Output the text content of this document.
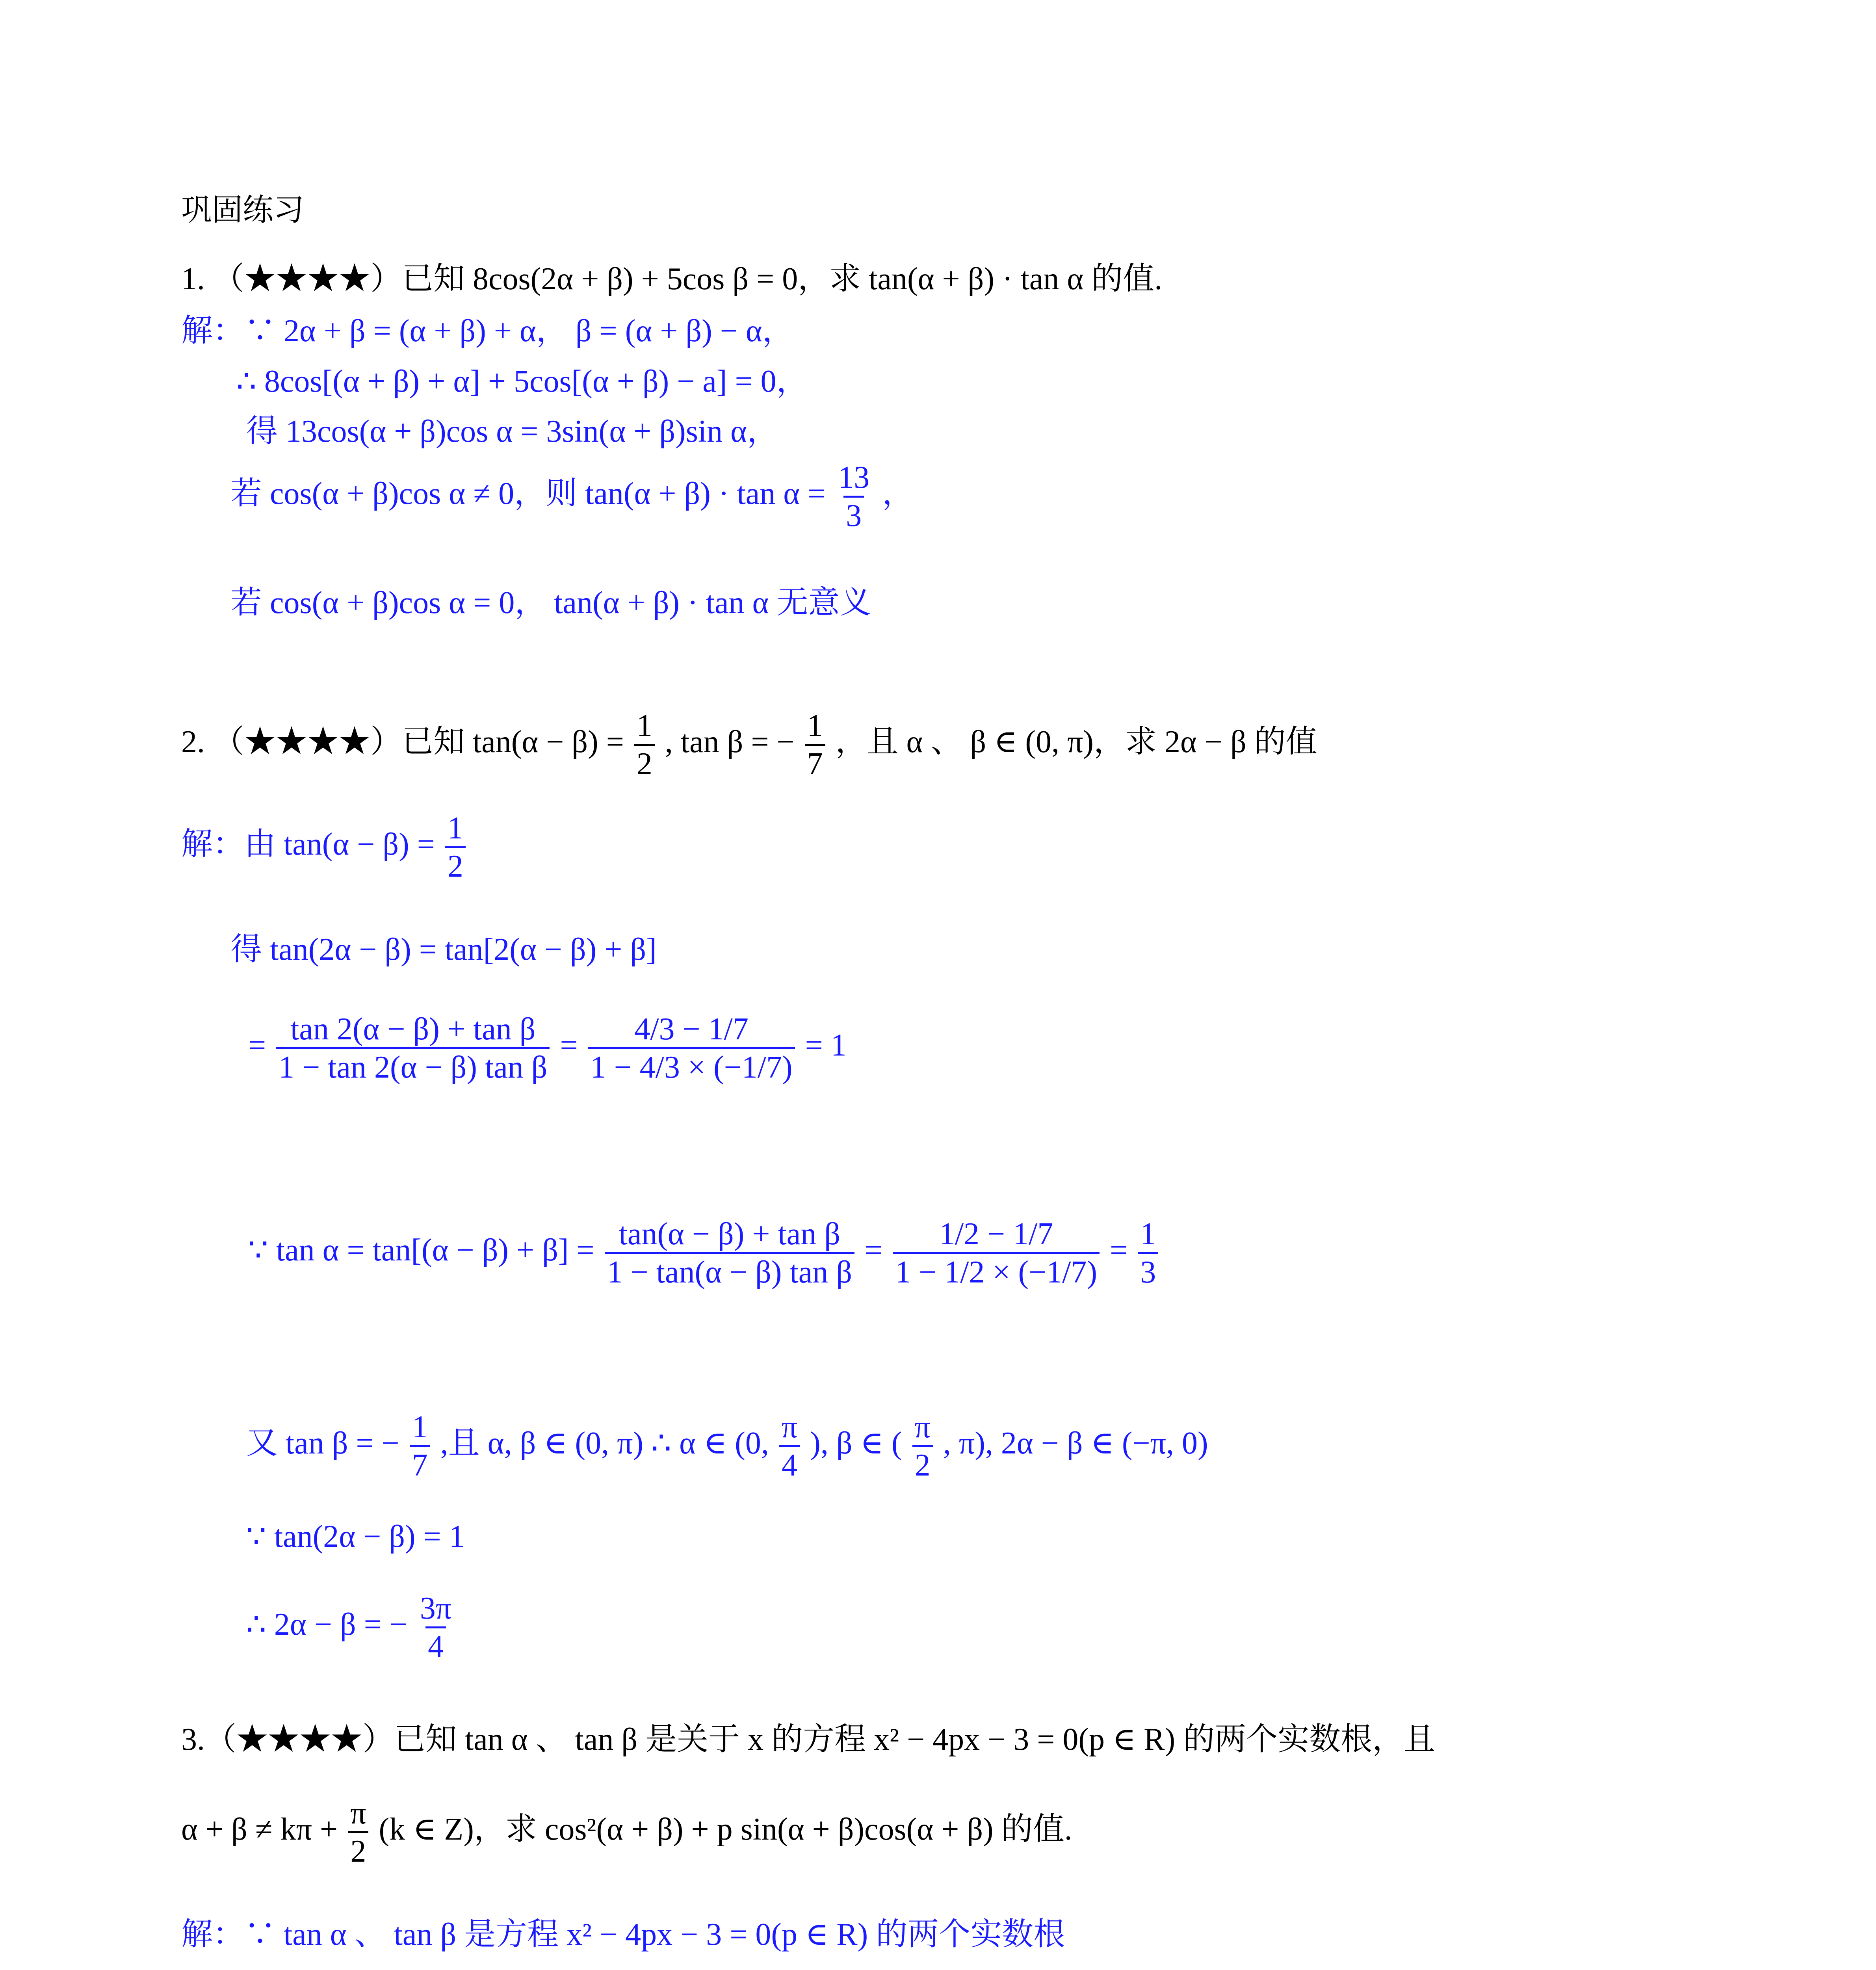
巩固练习
1. （★★★★）已知 8cos(2α + β) + 5cos β = 0，求 tan(α + β) · tan α 的值.
解：∵ 2α + β = (α + β) + α， β = (α + β) − α，
∴ 8cos[(α + β) + α] + 5cos[(α + β) − a] = 0，
得 13cos(α + β)cos α = 3sin(α + β)sin α，
若 cos(α + β)cos α ≠ 0，则 $\tan(\alpha + \beta) \cdot \tan \alpha = \frac{13}{3}$ ，
若 cos(α + β)cos α = 0， tan(α + β) · tan α 无意义
2. （★★★★）已知 $\tan(\alpha - \beta) = \frac{1}{2}$ , tan β = − $\frac{1}{7}$ ，且 α 、 β ∈ (0, π)，求 2α − β 的值
解：由 $\tan(\alpha - \beta) = \frac{1}{2}$
得 tan(2α − β) = tan[2(α − β) + β]
= $\frac{\text{tan 2(α − β) + tan β}}{\text{1 − tan 2(α − β) tan β}} = \frac{4/3 - 1/7}{1 - 4/3 \times (-1/7)} = 1$
∵ $\tan \alpha = \tan[(\alpha - \beta) + \beta] = \frac{\text{tan(α − β) + tan β}}{\text{1 − tan(α − β) tan β}} = \frac{1/2 - 1/7}{1 - 1/2 \times (-1/7)} = \frac{1}{3}$
又 tan β = − $\frac{1}{7}$ ,且 α, β ∈ (0, π) ∴ α ∈ (0, $\frac{\pi}{4}$ ), β ∈ ( $\frac{\pi}{2}$ , π), 2α − β ∈ (−π, 0)
∵ tan(2α − β) = 1
∴ 2α − β = − $\frac{3\pi}{4}$
3.（★★★★）已知 tan α 、 tan β 是关于 x 的方程 x² − 4px − 3 = 0(p ∈ R) 的两个实数根，且
$\alpha + \beta \ne k\pi + \frac{\pi}{2} (k$ ∈ Z)，求 cos²(α + β) + p sin(α + β)cos(α + β) 的值.
解：∵ tan α 、 tan β 是方程 x² − 4px − 3 = 0(p ∈ R) 的两个实数根
